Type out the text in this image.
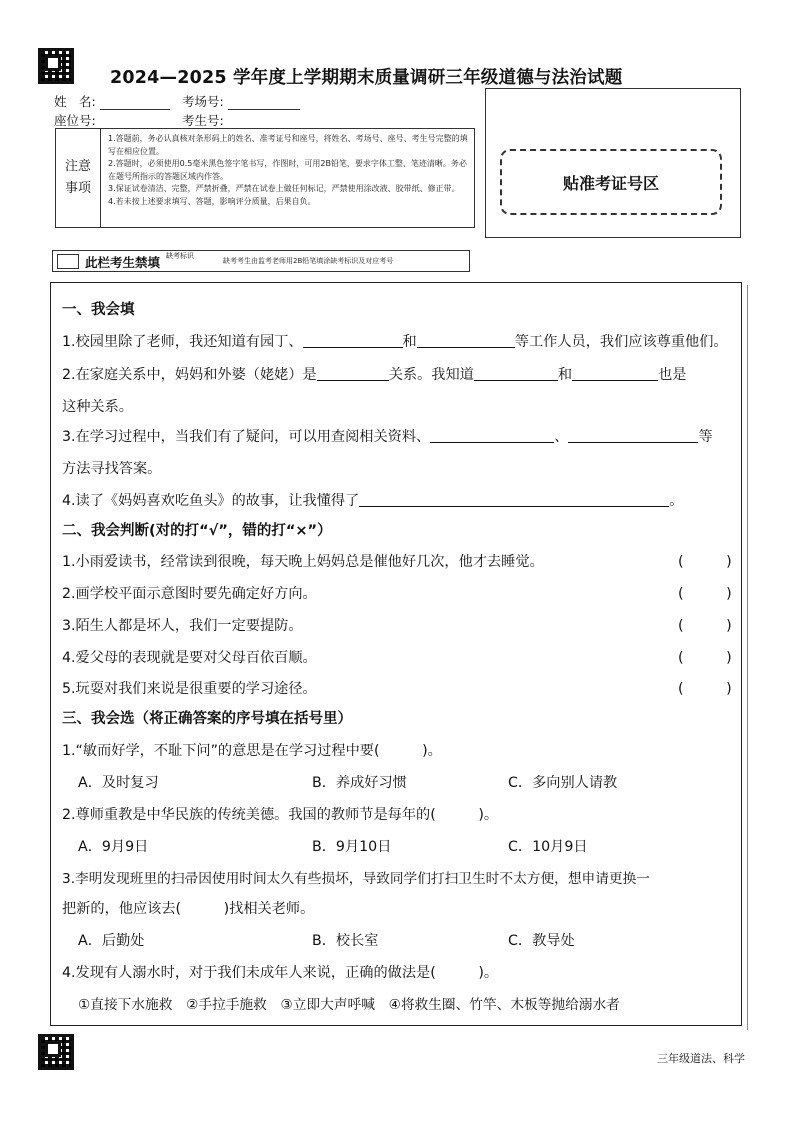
2024—2025 学年度上学期期末质量调研三年级道德与法治试题
姓　名:	考场号:
座位号:	考生号:
注意
事项
1.答题前，务必认真核对条形码上的姓名、准考证号和座号，将姓名、考场号、座号、考生号完整的填写在相应位置。
2.答题时，必须使用0.5毫米黑色签字笔书写，作图时，可用2B铅笔，要求字体工整、笔迹清晰。务必在题号所指示的答题区域内作答。
3.保证试卷清洁、完整，严禁折叠，严禁在试卷上做任何标记，严禁使用涂改液、胶带纸、修正带。
4.若未按上述要求填写、答题，影响评分质量，后果自负。
贴准考证号区
此栏考生禁填 缺考标识
缺考考生由监考老师用2B铅笔填涂缺考标识及对应考号
一、我会填
1.校园里除了老师，我还知道有园丁、	和	等工作人员，我们应该尊重他们。
2.在家庭关系中，妈妈和外婆（姥姥）是	关系。我知道	和	也是
这种关系。
3.在学习过程中，当我们有了疑问，可以用查阅相关资料、	、	等
方法寻找答案。
4.读了《妈妈喜欢吃鱼头》的故事，让我懂得了	。
二、我会判断(对的打“√”，错的打“×”）
1.小雨爱读书，经常读到很晚，每天晚上妈妈总是催他好几次，他才去睡觉。	(　　　)
2.画学校平面示意图时要先确定好方向。	(　　　)
3.陌生人都是坏人，我们一定要提防。	(　　　)
4.爱父母的表现就是要对父母百依百顺。	(　　　)
5.玩耍对我们来说是很重要的学习途径。	(　　　)
三、我会选（将正确答案的序号填在括号里）
1.“敏而好学，不耻下问”的意思是在学习过程中要(　　　)。
A．及时复习	B．养成好习惯	C．多向别人请教
2.尊师重教是中华民族的传统美德。我国的教师节是每年的(　　　)。
A．9月9日	B．9月10日	C．10月9日
3.李明发现班里的扫帚因使用时间太久有些损坏，导致同学们打扫卫生时不太方便，想申请更换一
把新的，他应该去(　　　)找相关老师。
A．后勤处	B．校长室	C．教导处
4.发现有人溺水时，对于我们未成年人来说，正确的做法是(　　　)。
①直接下水施救　②手拉手施救　③立即大声呼喊　④将救生圈、竹竿、木板等抛给溺水者
三年级道法、科学
